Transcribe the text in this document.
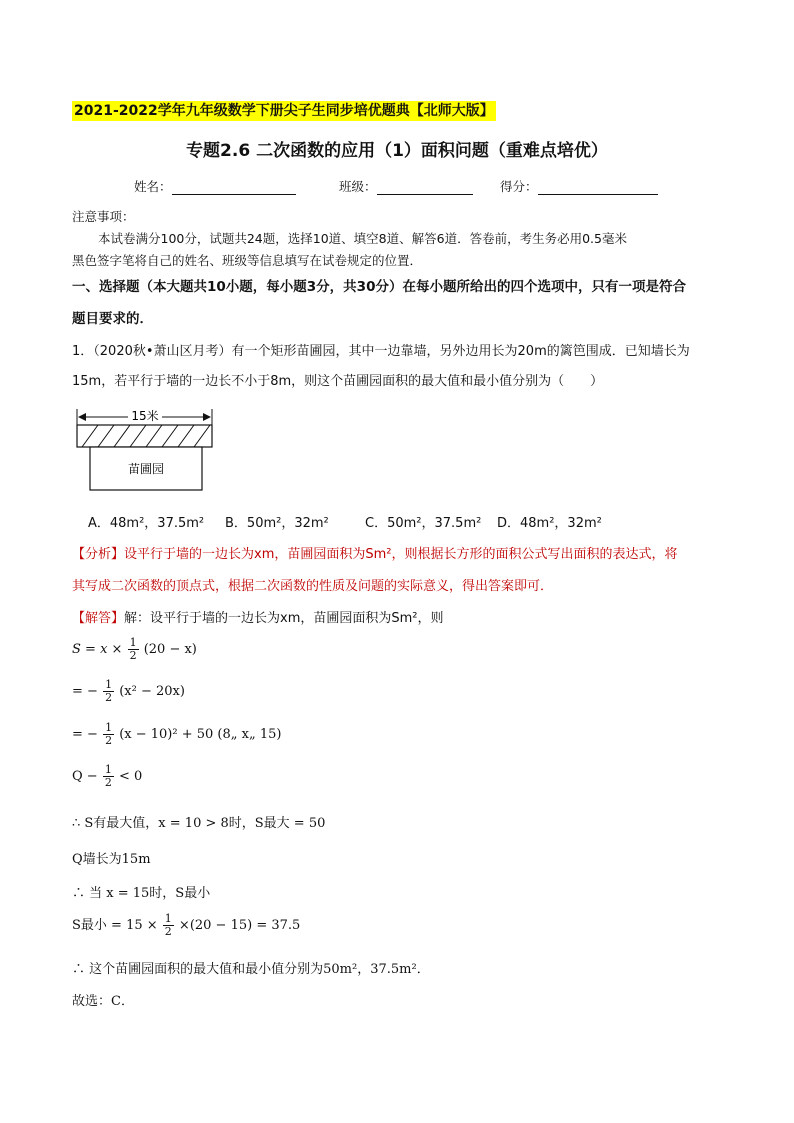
2021-2022学年九年级数学下册尖子生同步培优题典【北师大版】
专题2.6 二次函数的应用（1）面积问题（重难点培优）
姓名：	班级：	得分：
注意事项：
本试卷满分100分，试题共24题，选择10道、填空8道、解答6道．答卷前，考生务必用0.5毫米
黑色签字笔将自己的姓名、班级等信息填写在试卷规定的位置．
一、选择题（本大题共10小题，每小题3分，共30分）在每小题所给出的四个选项中，只有一项是符合
题目要求的．
1．（2020秋•萧山区月考）有一个矩形苗圃园，其中一边靠墙，另外边用长为20m的篱笆围成．已知墙长为
15m，若平行于墙的一边长不小于8m，则这个苗圃园面积的最大值和最小值分别为（　　）
15米
苗圃园
A．48m²，37.5m² B．50m²，32m²	C．50m²，37.5m² D．48m²，32m²
【分析】设平行于墙的一边长为xm，苗圃园面积为Sm²，则根据长方形的面积公式写出面积的表达式，将
其写成二次函数的顶点式，根据二次函数的性质及问题的实际意义，得出答案即可．
【解答】解：设平行于墙的一边长为xm，苗圃园面积为Sm²，则
$S = x \times \frac{1}{2} (20 - x)$
= − $\frac{1}{2} (x^2 - 20x)$
= − $\frac{1}{2} (x - 10)^2 + 50$ (8„ x„ 15)
$Q - \frac{1}{2} < 0$
∴ S有最大值，x = 10 > 8时，S最大 = 50
Q墙长为15m
∴ 当 x = 15时，S最小
S最小 = $15 \times \frac{1}{2} \times(20 - 15) = 37.5$
∴ 这个苗圃园面积的最大值和最小值分别为50m²，37.5m²．
故选：C．
